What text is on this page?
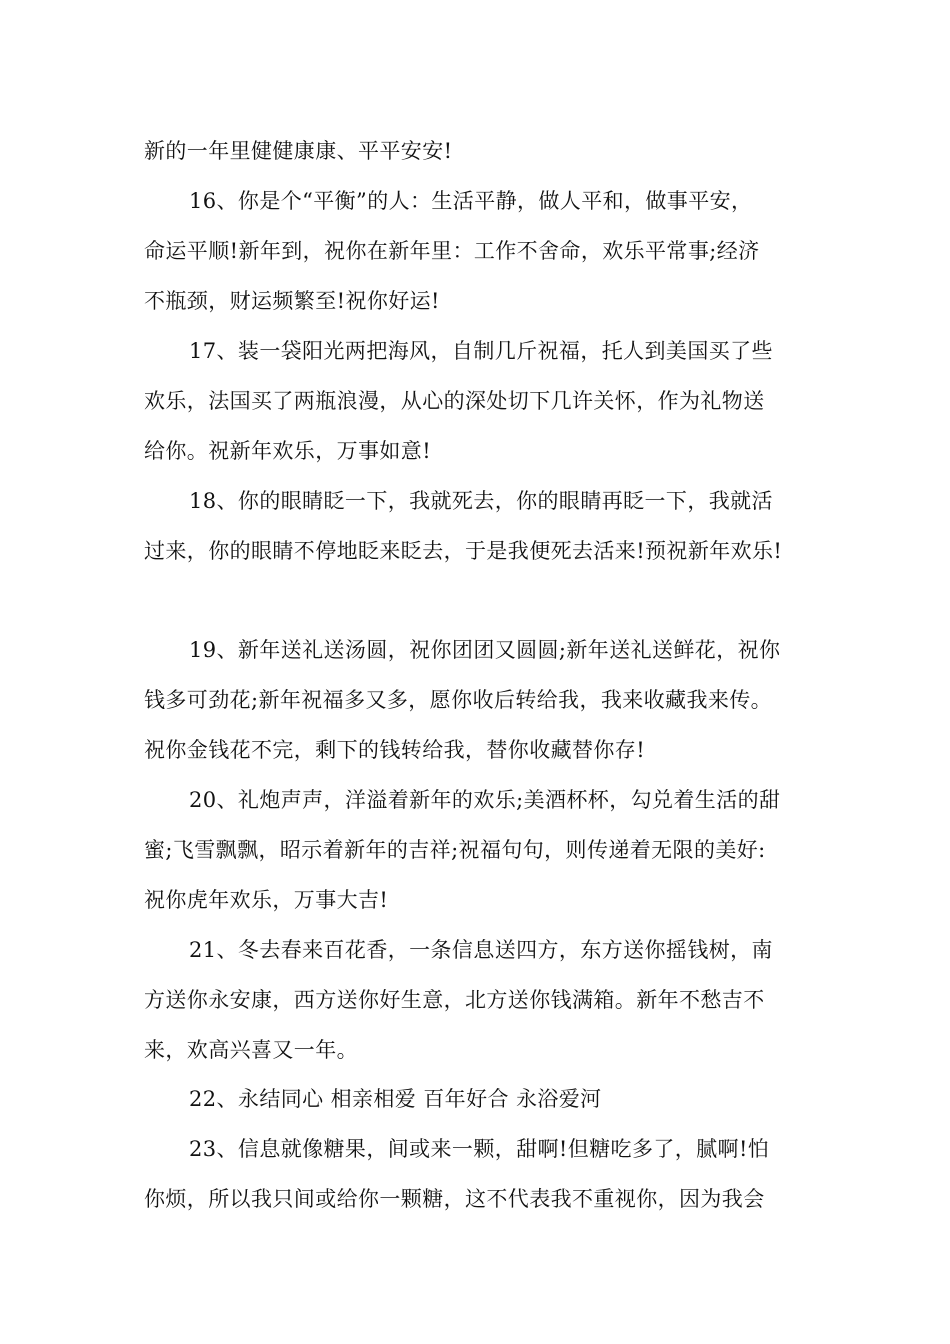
新的一年里健健康康、平平安安!
16、你是个“平衡”的人：生活平静，做人平和，做事平安，
命运平顺!新年到，祝你在新年里：工作不舍命，欢乐平常事;经济
不瓶颈，财运频繁至!祝你好运!
17、装一袋阳光两把海风，自制几斤祝福，托人到美国买了些
欢乐，法国买了两瓶浪漫，从心的深处切下几许关怀，作为礼物送
给你。祝新年欢乐，万事如意!
18、你的眼睛眨一下，我就死去，你的眼睛再眨一下，我就活
过来，你的眼睛不停地眨来眨去，于是我便死去活来!预祝新年欢乐!
19、新年送礼送汤圆，祝你团团又圆圆;新年送礼送鲜花，祝你
钱多可劲花;新年祝福多又多，愿你收后转给我，我来收藏我来传。
祝你金钱花不完，剩下的钱转给我，替你收藏替你存!
20、礼炮声声，洋溢着新年的欢乐;美酒杯杯，勾兑着生活的甜
蜜;飞雪飘飘，昭示着新年的吉祥;祝福句句，则传递着无限的美好:
祝你虎年欢乐，万事大吉!
21、冬去春来百花香，一条信息送四方，东方送你摇钱树，南
方送你永安康，西方送你好生意，北方送你钱满箱。新年不愁吉不
来，欢高兴喜又一年。
22、永结同心 相亲相爱 百年好合 永浴爱河
23、信息就像糖果，间或来一颗，甜啊!但糖吃多了，腻啊!怕
你烦，所以我只间或给你一颗糖，这不代表我不重视你，因为我会
